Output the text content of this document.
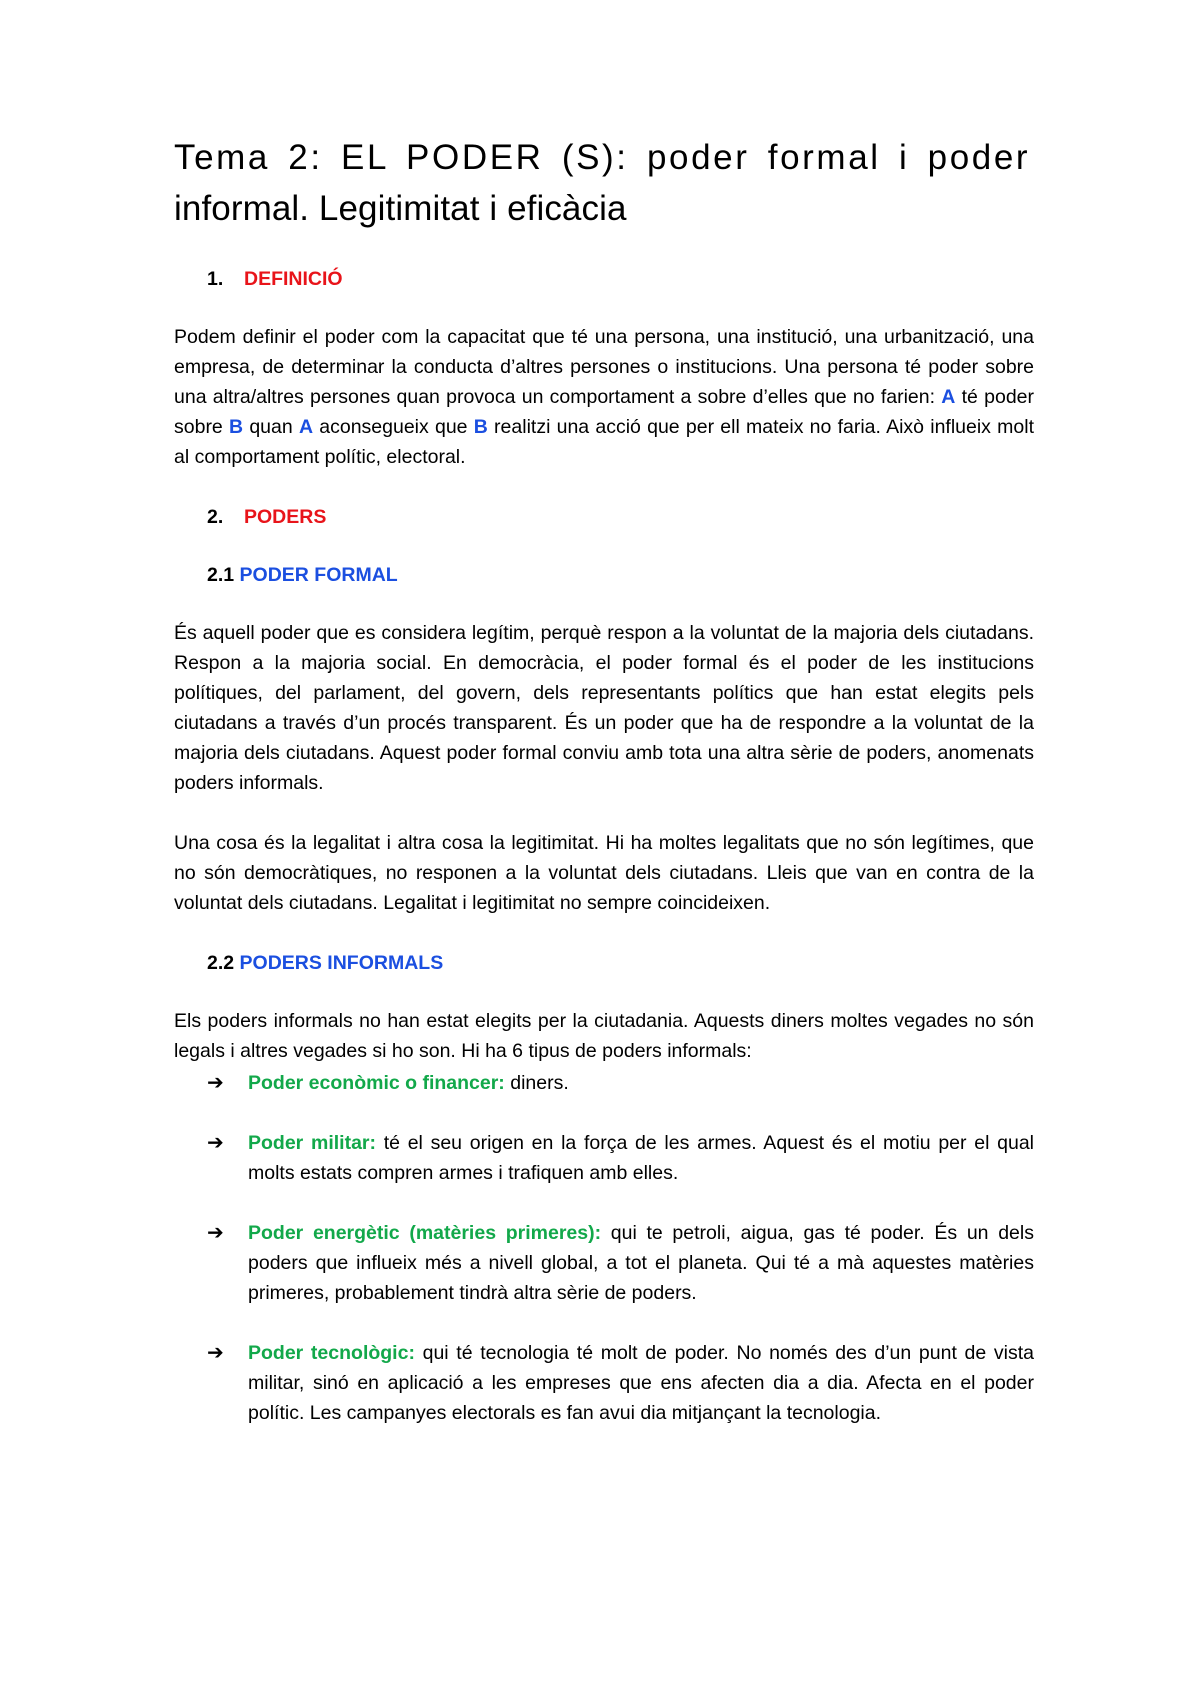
Tema 2: EL PODER (S): poder formal i poder
informal. Legitimitat i eficàcia
1. DEFINICIÓ

Podem definir el poder com la capacitat que té una persona, una institució, una urbanització, una empresa, de determinar la conducta d’altres persones o institucions. Una persona té poder sobre una altra/altres persones quan provoca un comportament a sobre d’elles que no farien: A té poder sobre B quan A aconsegueix que B realitzi una acció que per ell mateix no faria. Això influeix molt al comportament polític, electoral.

2. PODERS
2.1 PODER FORMAL

És aquell poder que es considera legítim, perquè respon a la voluntat de la majoria dels ciutadans. Respon a la majoria social. En democràcia, el poder formal és el poder de les institucions polítiques, del parlament, del govern, dels representants polítics que han estat elegits pels ciutadans a través d’un procés transparent. És un poder que ha de respondre a la voluntat de la majoria dels ciutadans. Aquest poder formal conviu amb tota una altra sèrie de poders, anomenats poders informals.

Una cosa és la legalitat i altra cosa la legitimitat. Hi ha moltes legalitats que no són legítimes, que no són democràtiques, no responen a la voluntat dels ciutadans. Lleis que van en contra de la voluntat dels ciutadans. Legalitat i legitimitat no sempre coincideixen.

2.2 PODERS INFORMALS

Els poders informals no han estat elegits per la ciutadania. Aquests diners moltes vegades no són legals i altres vegades si ho son. Hi ha 6 tipus de poders informals:

➔ Poder econòmic o financer: diners.
➔ Poder militar: té el seu origen en la força de les armes. Aquest és el motiu per el qual molts estats compren armes i trafiquen amb elles.
➔ Poder energètic (matèries primeres): qui te petroli, aigua, gas té poder. És un dels poders que influeix més a nivell global, a tot el planeta. Qui té a mà aquestes matèries primeres, probablement tindrà altra sèrie de poders.
➔ Poder tecnològic: qui té tecnologia té molt de poder. No només des d’un punt de vista militar, sinó en aplicació a les empreses que ens afecten dia a dia. Afecta en el poder polític. Les campanyes electorals es fan avui dia mitjançant la tecnologia.
